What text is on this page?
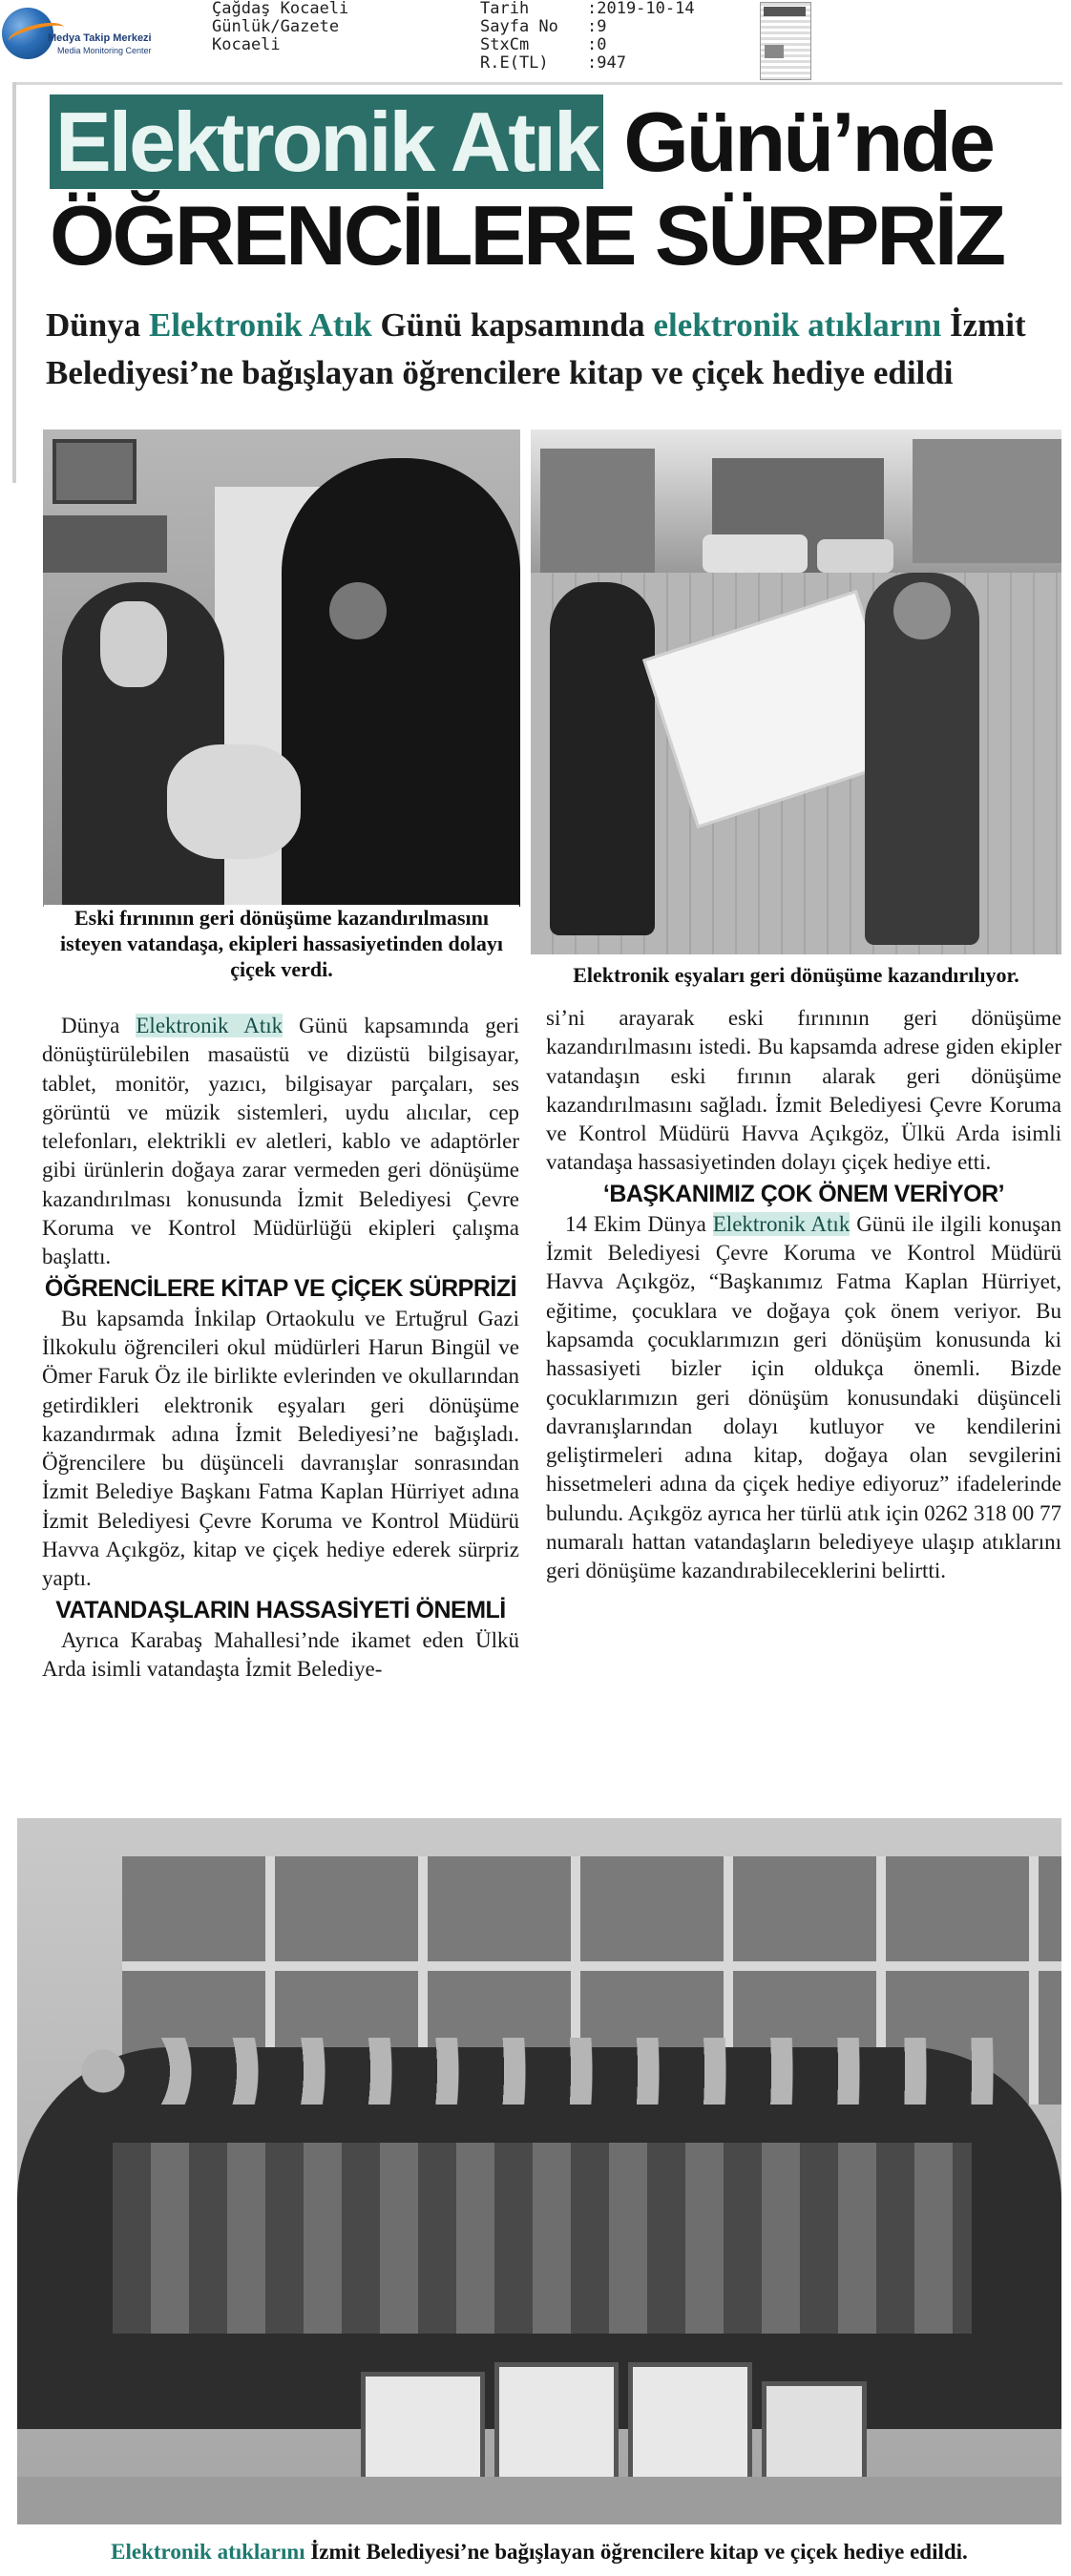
Medya Takip Merkezi
Media Monitoring Center
Çağdaş Kocaeli
Günlük/Gazete
Kocaeli
Tarih	:2019-10-14
Sayfa No :9
StxCm	:0
R.E(TL) :947
Elektronik Atık Günü’nde
ÖĞRENCİLERE SÜRPRİZ

Dünya Elektronik Atık Günü kapsamında elektronik atıklarını İzmit Belediyesi’ne bağışlayan öğrencilere kitap ve çiçek hediye edildi

Eski fırınının geri dönüşüme kazandırılmasını isteyen vatandaşa, ekipleri hassasiyetinden dolayı çiçek verdi.	Elektronik eşyaları geri dönüşüme kazandırılıyor.

Dünya Elektronik Atık Günü kapsamında geri dönüştürülebilen masaüstü ve dizüstü bilgisayar, tablet, monitör, yazıcı, bilgisayar parçaları, ses görüntü ve müzik sistemleri, uydu alıcılar, cep telefonları, elektrikli ev aletleri, kablo ve adaptörler gibi ürünlerin doğaya zarar vermeden geri dönüşüme kazandırılması konusunda İzmit Belediyesi Çevre Koruma ve Kontrol Müdürlüğü ekipleri çalışma başlattı.

ÖĞRENCİLERE KİTAP VE ÇİÇEK SÜRPRİZİ

Bu kapsamda İnkilap Ortaokulu ve Ertuğrul Gazi İlkokulu öğrencileri okul müdürleri Harun Bingül ve Ömer Faruk Öz ile birlikte evlerinden ve okullarından getirdikleri elektronik eşyaları geri dönüşüme kazandırmak adına İzmit Belediyesi’ne bağışladı. Öğrencilere bu düşünceli davranışlar sonrasından İzmit Belediye Başkanı Fatma Kaplan Hürriyet adına İzmit Belediyesi Çevre Koruma ve Kontrol Müdürü Havva Açıkgöz, kitap ve çiçek hediye ederek sürpriz yaptı.

VATANDAŞLARIN HASSASİYETİ ÖNEMLİ

Ayrıca Karabaş Mahallesi’nde ikamet eden Ülkü Arda isimli vatandaşta İzmit Belediye-

si’ni arayarak eski fırınının geri dönüşüme kazandırılmasını istedi. Bu kapsamda adrese giden ekipler vatandaşın eski fırının alarak geri dönüşüme kazandırılmasını sağladı. İzmit Belediyesi Çevre Koruma ve Kontrol Müdürü Havva Açıkgöz, Ülkü Arda isimli vatandaşa hassasiyetinden dolayı çiçek hediye etti.

‘BAŞKANIMIZ ÇOK ÖNEM VERİYOR’

14 Ekim Dünya Elektronik Atık Günü ile ilgili konuşan İzmit Belediyesi Çevre Koruma ve Kontrol Müdürü Havva Açıkgöz, “Başkanımız Fatma Kaplan Hürriyet, eğitime, çocuklara ve doğaya çok önem veriyor. Bu kapsamda çocuklarımızın geri dönüşüm konusunda ki hassasiyeti bizler için oldukça önemli. Bizde çocuklarımızın geri dönüşüm konusundaki düşünceli davranışlarından dolayı kutluyor ve kendilerini geliştirmeleri adına kitap, doğaya olan sevgilerini hissetmeleri adına da çiçek hediye ediyoruz” ifadelerinde bulundu. Açıkgöz ayrıca her türlü atık için 0262 318 00 77 numaralı hattan vatandaşların belediyeye ulaşıp atıklarını geri dönüşüme kazandırabileceklerini belirtti.

Elektronik atıklarını İzmit Belediyesi’ne bağışlayan öğrencilere kitap ve çiçek hediye edildi.
